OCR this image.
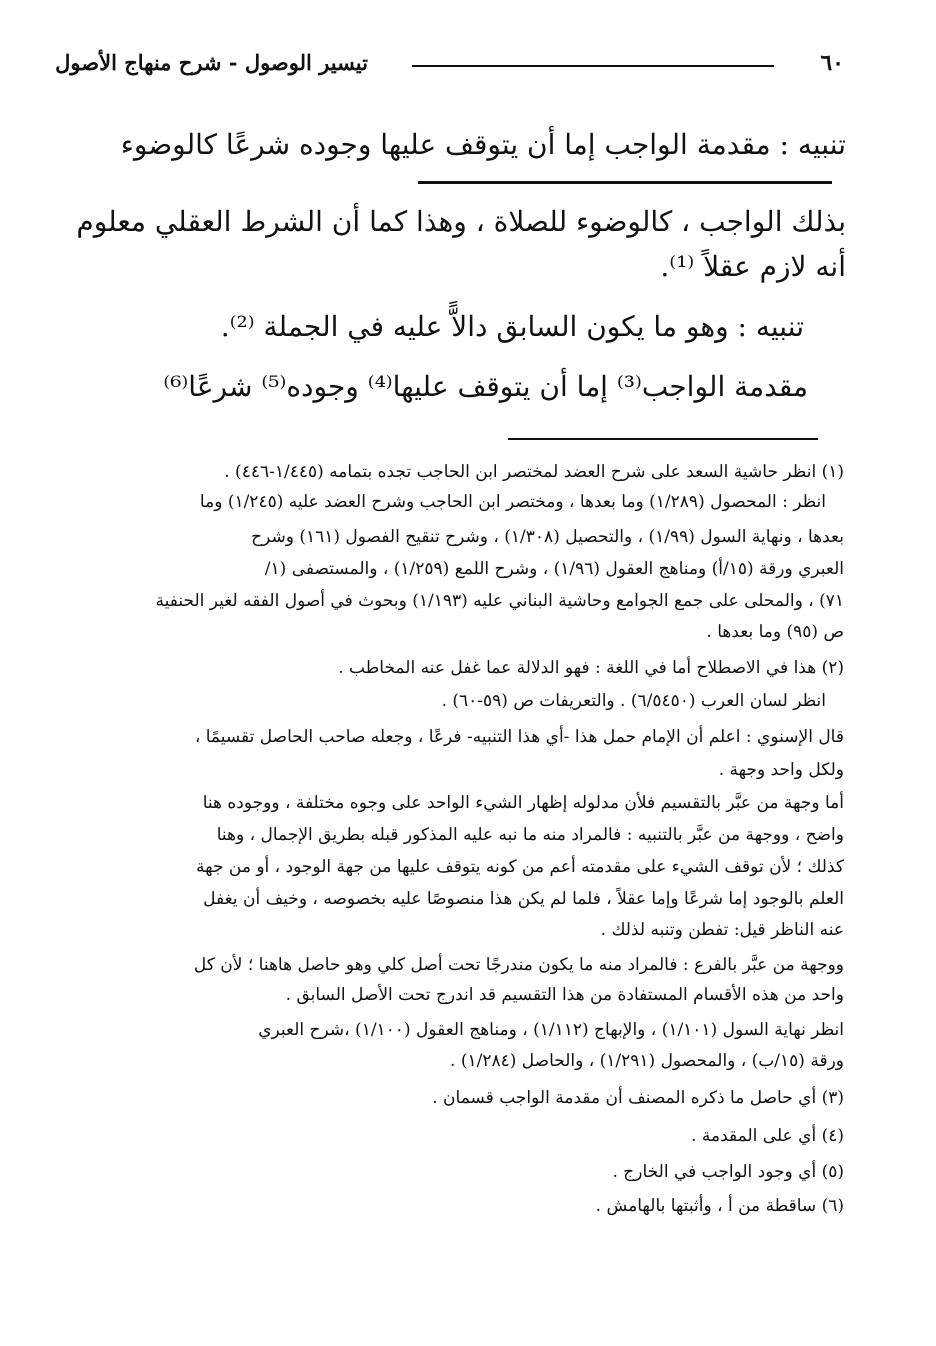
٦٠
تيسير الوصول - شرح منهاج الأصول
تنبيه : مقدمة الواجب إما أن يتوقف عليها وجوده شرعًا كالوضوء
بذلك الواجب ، كالوضوء للصلاة ، وهذا كما أن الشرط العقلي معلوم
أنه لازم عقلاً ⁽¹⁾.
تنبيه : وهو ما يكون السابق دالاًّ عليه في الجملة ⁽²⁾.
مقدمة الواجب⁽³⁾ إما أن يتوقف عليها⁽⁴⁾ وجوده⁽⁵⁾ شرعًا⁽⁶⁾
(١) انظر حاشية السعد على شرح العضد لمختصر ابن الحاجب تجده بتمامه (١/٤٤٥-٤٤٦) .
انظر : المحصول (١/٢٨٩) وما بعدها ، ومختصر ابن الحاجب وشرح العضد عليه (١/٢٤٥) وما
بعدها ، ونهاية السول (١/٩٩) ، والتحصيل (١/٣٠٨) ، وشرح تنقيح الفصول (١٦١) وشرح
العبري ورقة (١٥/أ) ومناهج العقول (١/٩٦) ، وشرح اللمع (١/٢٥٩) ، والمستصفى (١/
٧١) ، والمحلى على جمع الجوامع وحاشية البناني عليه (١/١٩٣) وبحوث في أصول الفقه لغير الحنفية
ص (٩٥) وما بعدها .
(٢) هذا في الاصطلاح أما في اللغة : فهو الدلالة عما غفل عنه المخاطب .
انظر لسان العرب (٦/٥٤٥٠) . والتعريفات ص (٥٩-٦٠) .
قال الإسنوي : اعلم أن الإمام حمل هذا -أي هذا التنبيه- فرعًا ، وجعله صاحب الحاصل تقسيمًا ،
ولكل واحد وجهة .
أما وجهة من عبَّر بالتقسيم فلأن مدلوله إظهار الشيء الواحد على وجوه مختلفة ، ووجوده هنا
واضح ، ووجهة من عبَّر بالتنبيه : فالمراد منه ما نبه عليه المذكور قبله بطريق الإجمال ، وهنا
كذلك ؛ لأن توقف الشيء على مقدمته أعم من كونه يتوقف عليها من جهة الوجود ، أو من جهة
العلم بالوجود إما شرعًا وإما عقلاً ، فلما لم يكن هذا منصوصًا عليه بخصوصه ، وخيف أن يغفل
عنه الناظر قيل: تفطن وتنبه لذلك .
ووجهة من عبَّر بالفرع : فالمراد منه ما يكون مندرجًا تحت أصل كلي وهو حاصل هاهنا ؛ لأن كل
واحد من هذه الأقسام المستفادة من هذا التقسيم قد اندرج تحت الأصل السابق .
انظر نهاية السول (١/١٠١) ، والإبهاج (١/١١٢) ، ومناهج العقول (١/١٠٠) ،شرح العبري
ورقة (١٥/ب) ، والمحصول (١/٢٩١) ، والحاصل (١/٢٨٤) .
(٣) أي حاصل ما ذكره المصنف أن مقدمة الواجب قسمان .
(٤) أي على المقدمة .
(٥) أي وجود الواجب في الخارج .
(٦) ساقطة من أ ، وأثبتها بالهامش .
